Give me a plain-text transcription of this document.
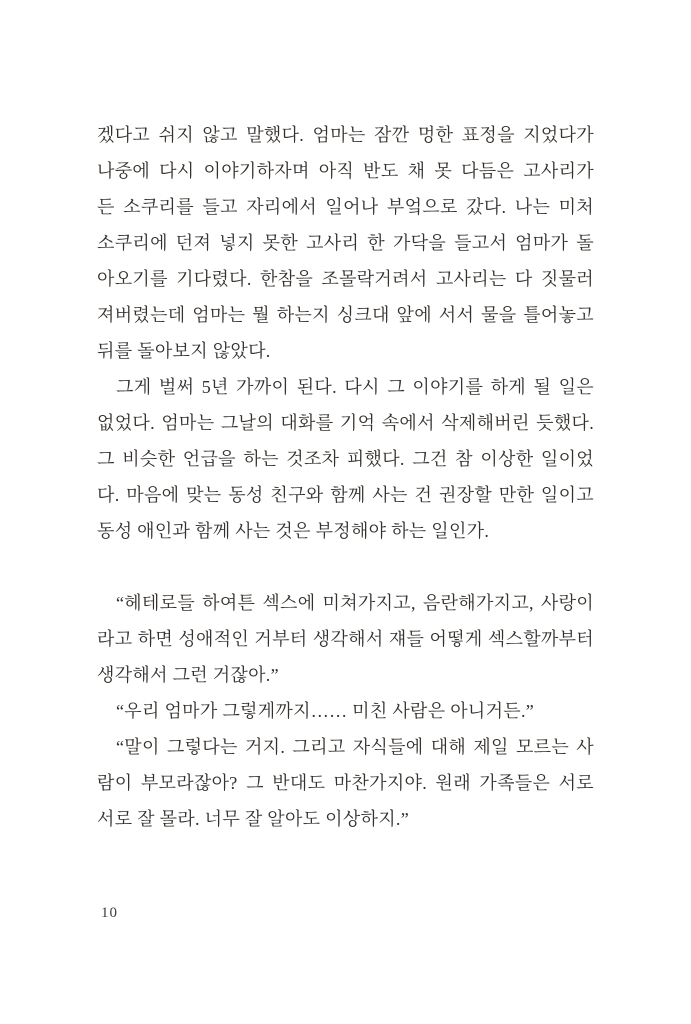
겠다고 쉬지 않고 말했다. 엄마는 잠깐 멍한 표정을 지었다가
나중에 다시 이야기하자며 아직 반도 채 못 다듬은 고사리가
든 소쿠리를 들고 자리에서 일어나 부엌으로 갔다. 나는 미처
소쿠리에 던져 넣지 못한 고사리 한 가닥을 들고서 엄마가 돌
아오기를 기다렸다. 한참을 조몰락거려서 고사리는 다 짓물러
져버렸는데 엄마는 뭘 하는지 싱크대 앞에 서서 물을 틀어놓고
뒤를 돌아보지 않았다.

그게 벌써 5년 가까이 된다. 다시 그 이야기를 하게 될 일은
없었다. 엄마는 그날의 대화를 기억 속에서 삭제해버린 듯했다.
그 비슷한 언급을 하는 것조차 피했다. 그건 참 이상한 일이었
다. 마음에 맞는 동성 친구와 함께 사는 건 권장할 만한 일이고
동성 애인과 함께 사는 것은 부정해야 하는 일인가.

“헤테로들 하여튼 섹스에 미쳐가지고, 음란해가지고, 사랑이
라고 하면 성애적인 거부터 생각해서 쟤들 어떻게 섹스할까부터
생각해서 그런 거잖아.”

“우리 엄마가 그렇게까지…… 미친 사람은 아니거든.”

“말이 그렇다는 거지. 그리고 자식들에 대해 제일 모르는 사
람이 부모라잖아? 그 반대도 마찬가지야. 원래 가족들은 서로
서로 잘 몰라. 너무 잘 알아도 이상하지.”

10
